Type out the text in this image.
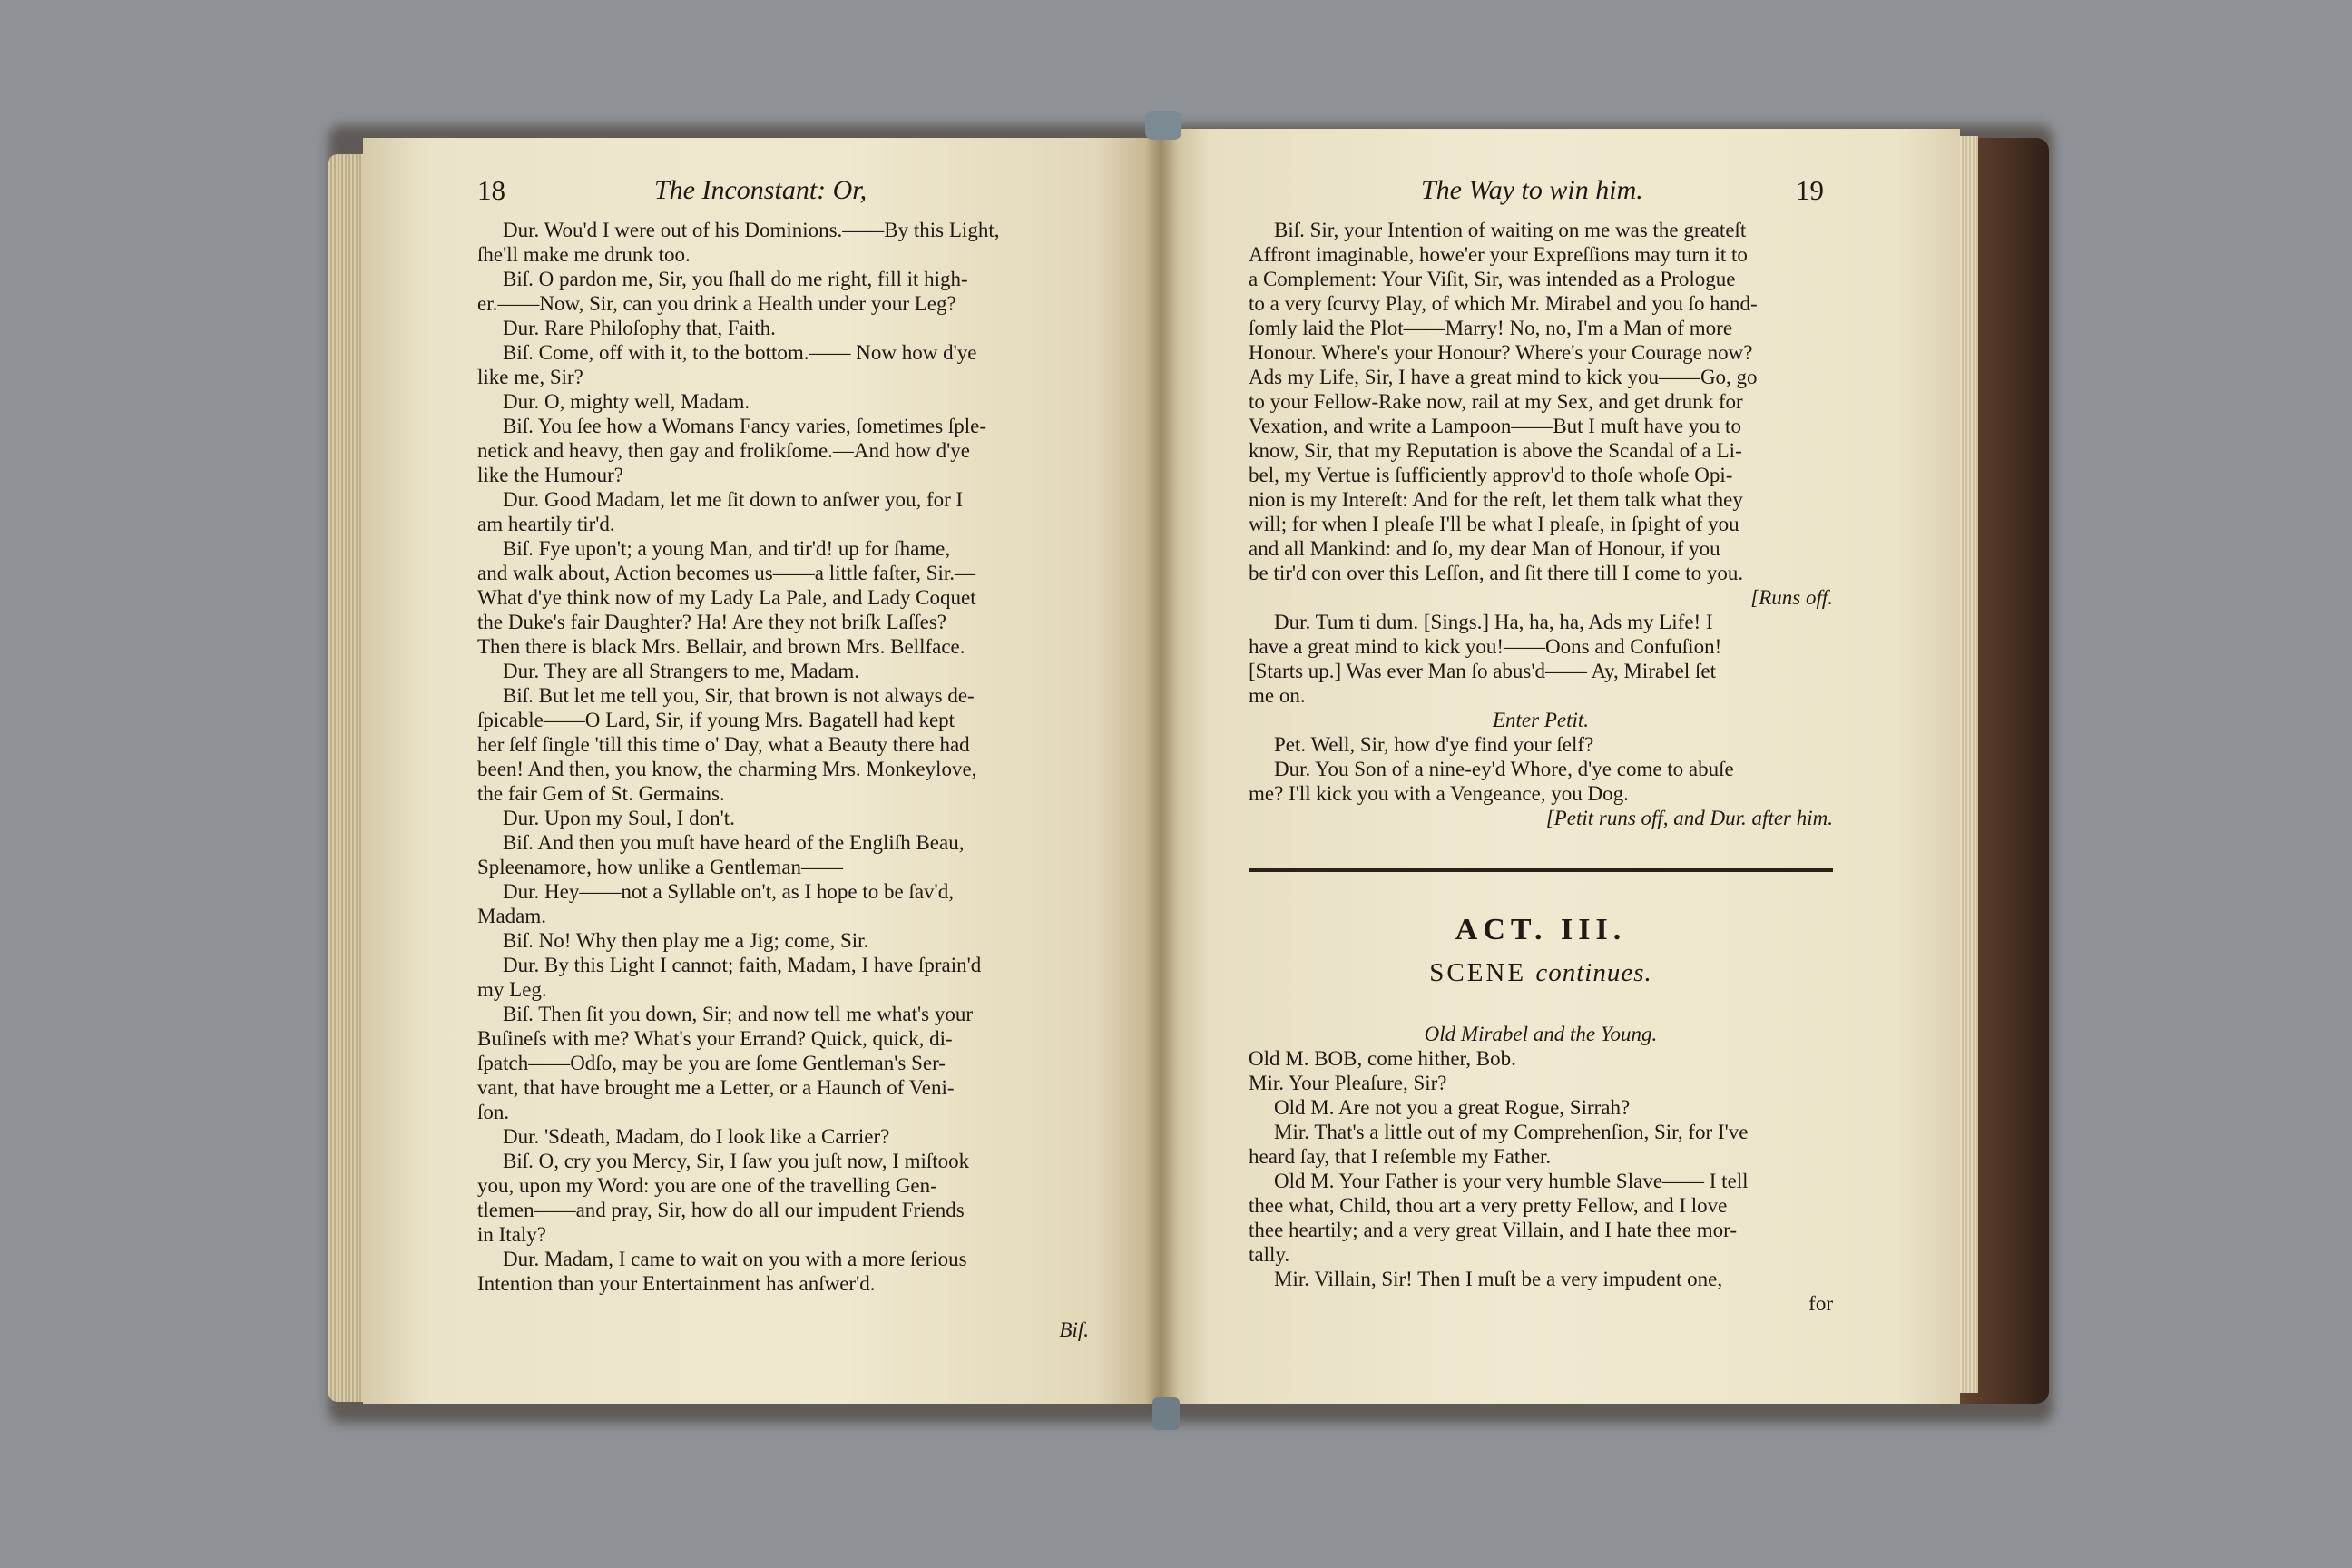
18	The Inconstant: Or,

Dur. Wou'd I were out of his Dominions.——By this Light,

ſhe'll make me drunk too.

Biſ. O pardon me, Sir, you ſhall do me right, fill it high-

er.——Now, Sir, can you drink a Health under your Leg?

Dur. Rare Philoſophy that, Faith.

Biſ. Come, off with it, to the bottom.—— Now how d'ye

like me, Sir?

Dur. O, mighty well, Madam.

Biſ. You ſee how a Womans Fancy varies, ſometimes ſple-

netick and heavy, then gay and frolikſome.—And how d'ye

like the Humour?

Dur. Good Madam, let me ſit down to anſwer you, for I

am heartily tir'd.

Biſ. Fye upon't; a young Man, and tir'd! up for ſhame,

and walk about, Action becomes us——a little faſter, Sir.—

What d'ye think now of my Lady La Pale, and Lady Coquet

the Duke's fair Daughter? Ha! Are they not briſk Laſſes?

Then there is black Mrs. Bellair, and brown Mrs. Bellface.

Dur. They are all Strangers to me, Madam.

Biſ. But let me tell you, Sir, that brown is not always de-

ſpicable——O Lard, Sir, if young Mrs. Bagatell had kept

her ſelf ſingle 'till this time o' Day, what a Beauty there had

been! And then, you know, the charming Mrs. Monkeylove,

the fair Gem of St. Germains.

Dur. Upon my Soul, I don't.

Biſ. And then you muſt have heard of the Engliſh Beau,

Spleenamore, how unlike a Gentleman——

Dur. Hey——not a Syllable on't, as I hope to be ſav'd,

Madam.

Biſ. No! Why then play me a Jig; come, Sir.

Dur. By this Light I cannot; faith, Madam, I have ſprain'd

my Leg.

Biſ. Then ſit you down, Sir; and now tell me what's your

Buſineſs with me? What's your Errand? Quick, quick, di-

ſpatch——Odſo, may be you are ſome Gentleman's Ser-

vant, that have brought me a Letter, or a Haunch of Veni-

ſon.

Dur. 'Sdeath, Madam, do I look like a Carrier?

Biſ. O, cry you Mercy, Sir, I ſaw you juſt now, I miſtook

you, upon my Word: you are one of the travelling Gen-

tlemen——and pray, Sir, how do all our impudent Friends

in Italy?

Dur. Madam, I came to wait on you with a more ſerious

Intention than your Entertainment has anſwer'd.

Biſ.

The Way to win him.	19

Biſ. Sir, your Intention of waiting on me was the greateſt

Affront imaginable, howe'er your Expreſſions may turn it to

a Complement: Your Viſit, Sir, was intended as a Prologue

to a very ſcurvy Play, of which Mr. Mirabel and you ſo hand-

ſomly laid the Plot——Marry! No, no, I'm a Man of more

Honour. Where's your Honour? Where's your Courage now?

Ads my Life, Sir, I have a great mind to kick you——Go, go

to your Fellow-Rake now, rail at my Sex, and get drunk for

Vexation, and write a Lampoon——But I muſt have you to

know, Sir, that my Reputation is above the Scandal of a Li-

bel, my Vertue is ſufficiently approv'd to thoſe whoſe Opi-

nion is my Intereſt: And for the reſt, let them talk what they

will; for when I pleaſe I'll be what I pleaſe, in ſpight of you

and all Mankind: and ſo, my dear Man of Honour, if you

be tir'd con over this Leſſon, and ſit there till I come to you.

[Runs off.

Dur. Tum ti dum. [Sings.] Ha, ha, ha, Ads my Life! I

have a great mind to kick you!——Oons and Confuſion!

[Starts up.] Was ever Man ſo abus'd—— Ay, Mirabel ſet

me on.

Enter Petit.

Pet. Well, Sir, how d'ye find your ſelf?

Dur. You Son of a nine-ey'd Whore, d'ye come to abuſe

me? I'll kick you with a Vengeance, you Dog.

[Petit runs off, and Dur. after him.

ACT. III.
SCENE continues.

Old Mirabel and the Young.

Old M. BOB, come hither, Bob.

Mir. Your Pleaſure, Sir?

Old M. Are not you a great Rogue, Sirrah?

Mir. That's a little out of my Comprehenſion, Sir, for I've

heard ſay, that I reſemble my Father.

Old M. Your Father is your very humble Slave—— I tell

thee what, Child, thou art a very pretty Fellow, and I love

thee heartily; and a very great Villain, and I hate thee mor-

tally.

Mir. Villain, Sir! Then I muſt be a very impudent one,

for
